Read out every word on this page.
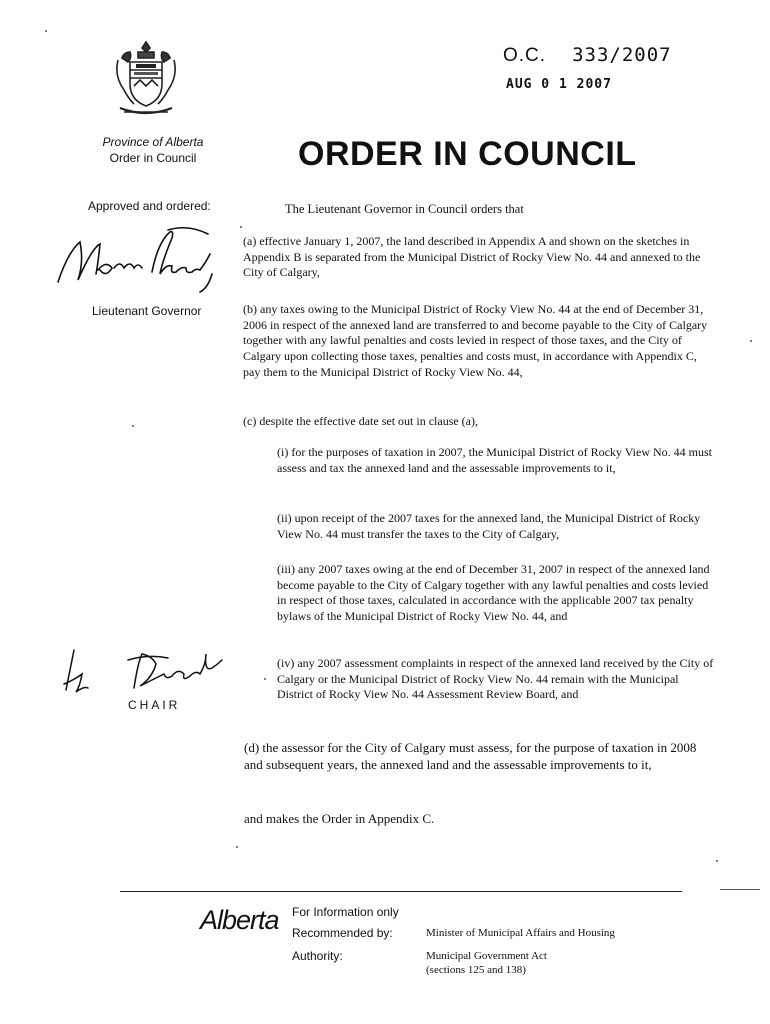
Province of Alberta
Order in Council
O.C. 333/2007
AUG 0 1 2007
ORDER IN COUNCIL
Approved and ordered:
Lieutenant Governor
The Lieutenant Governor in Council orders that
(a) effective January 1, 2007, the land described in Appendix A and shown on the sketches in Appendix B is separated from the Municipal District of Rocky View No. 44 and annexed to the City of Calgary,
(b) any taxes owing to the Municipal District of Rocky View No. 44 at the end of December 31, 2006 in respect of the annexed land are transferred to and become payable to the City of Calgary together with any lawful penalties and costs levied in respect of those taxes, and the City of Calgary upon collecting those taxes, penalties and costs must, in accordance with Appendix C, pay them to the Municipal District of Rocky View No. 44,
(c) despite the effective date set out in clause (a),
(i) for the purposes of taxation in 2007, the Municipal District of Rocky View No. 44 must assess and tax the annexed land and the assessable improvements to it,
(ii) upon receipt of the 2007 taxes for the annexed land, the Municipal District of Rocky View No. 44 must transfer the taxes to the City of Calgary,
(iii) any 2007 taxes owing at the end of December 31, 2007 in respect of the annexed land become payable to the City of Calgary together with any lawful penalties and costs levied in respect of those taxes, calculated in accordance with the applicable 2007 tax penalty bylaws of the Municipal District of Rocky View No. 44, and
(iv) any 2007 assessment complaints in respect of the annexed land received by the City of Calgary or the Municipal District of Rocky View No. 44 remain with the Municipal District of Rocky View No. 44 Assessment Review Board, and
(d) the assessor for the City of Calgary must assess, for the purpose of taxation in 2008 and subsequent years, the annexed land and the assessable improvements to it,
and makes the Order in Appendix C.
CHAIR
Alberta For Information only
Recommended by:	Minister of Municipal Affairs and Housing
Authority:	Municipal Government Act
(sections 125 and 138)
